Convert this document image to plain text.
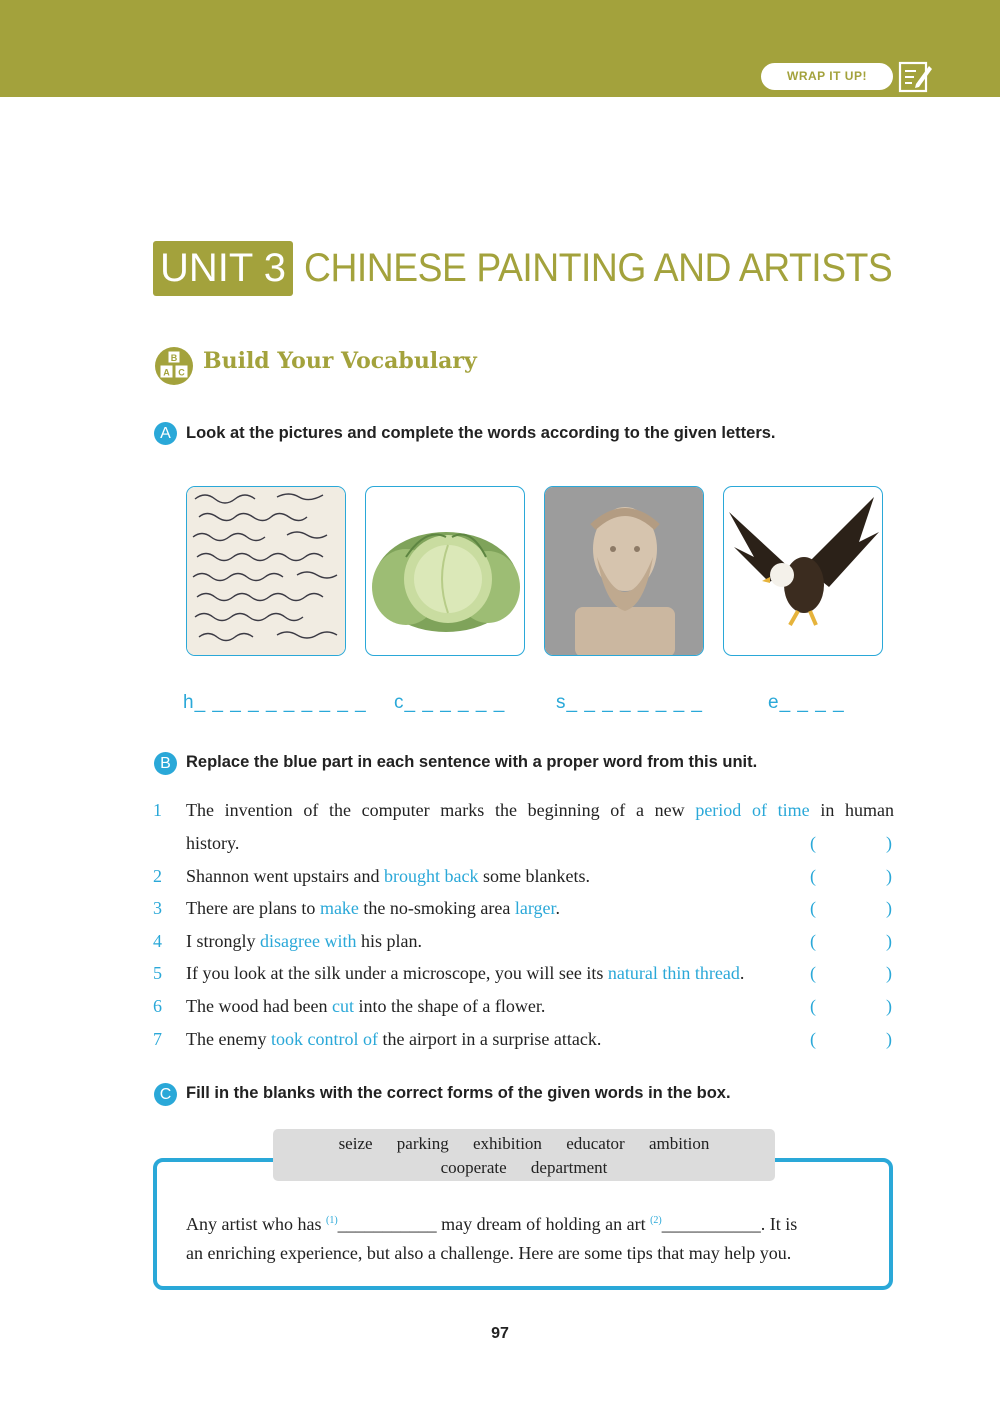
WRAP IT UP!
UNIT 3 CHINESE PAINTING AND ARTISTS
B
A C Build Your Vocabulary
A Look at the pictures and complete the words according to the given letters.
h_ _ _ _ _ _ _ _ _ _ c_ _ _ _ _ _	s_ _ _ _ _ _ _ _	e_ _ _ _
B Replace the blue part in each sentence with a proper word from this unit.
1 The invention of the computer marks the beginning of a new period of time in human
history.	(	)
2 Shannon went upstairs and brought back some blankets.	(	)
3 There are plans to make the no-smoking area larger.	(	)
4 I strongly disagree with his plan.	(	)
5 If you look at the silk under a microscope, you will see its natural thin thread.	(	)
6 The wood had been cut into the shape of a flower.	(	)
7 The enemy took control of the airport in a surprise attack.	(	)
C Fill in the blanks with the correct forms of the given words in the box.
seize parking exhibition educator ambition
cooperate department
Any artist who has $^{(1)}$___________ may dream of holding an art $^{(2)}$___________. It is
an enriching experience, but also a challenge. Here are some tips that may help you.
97
